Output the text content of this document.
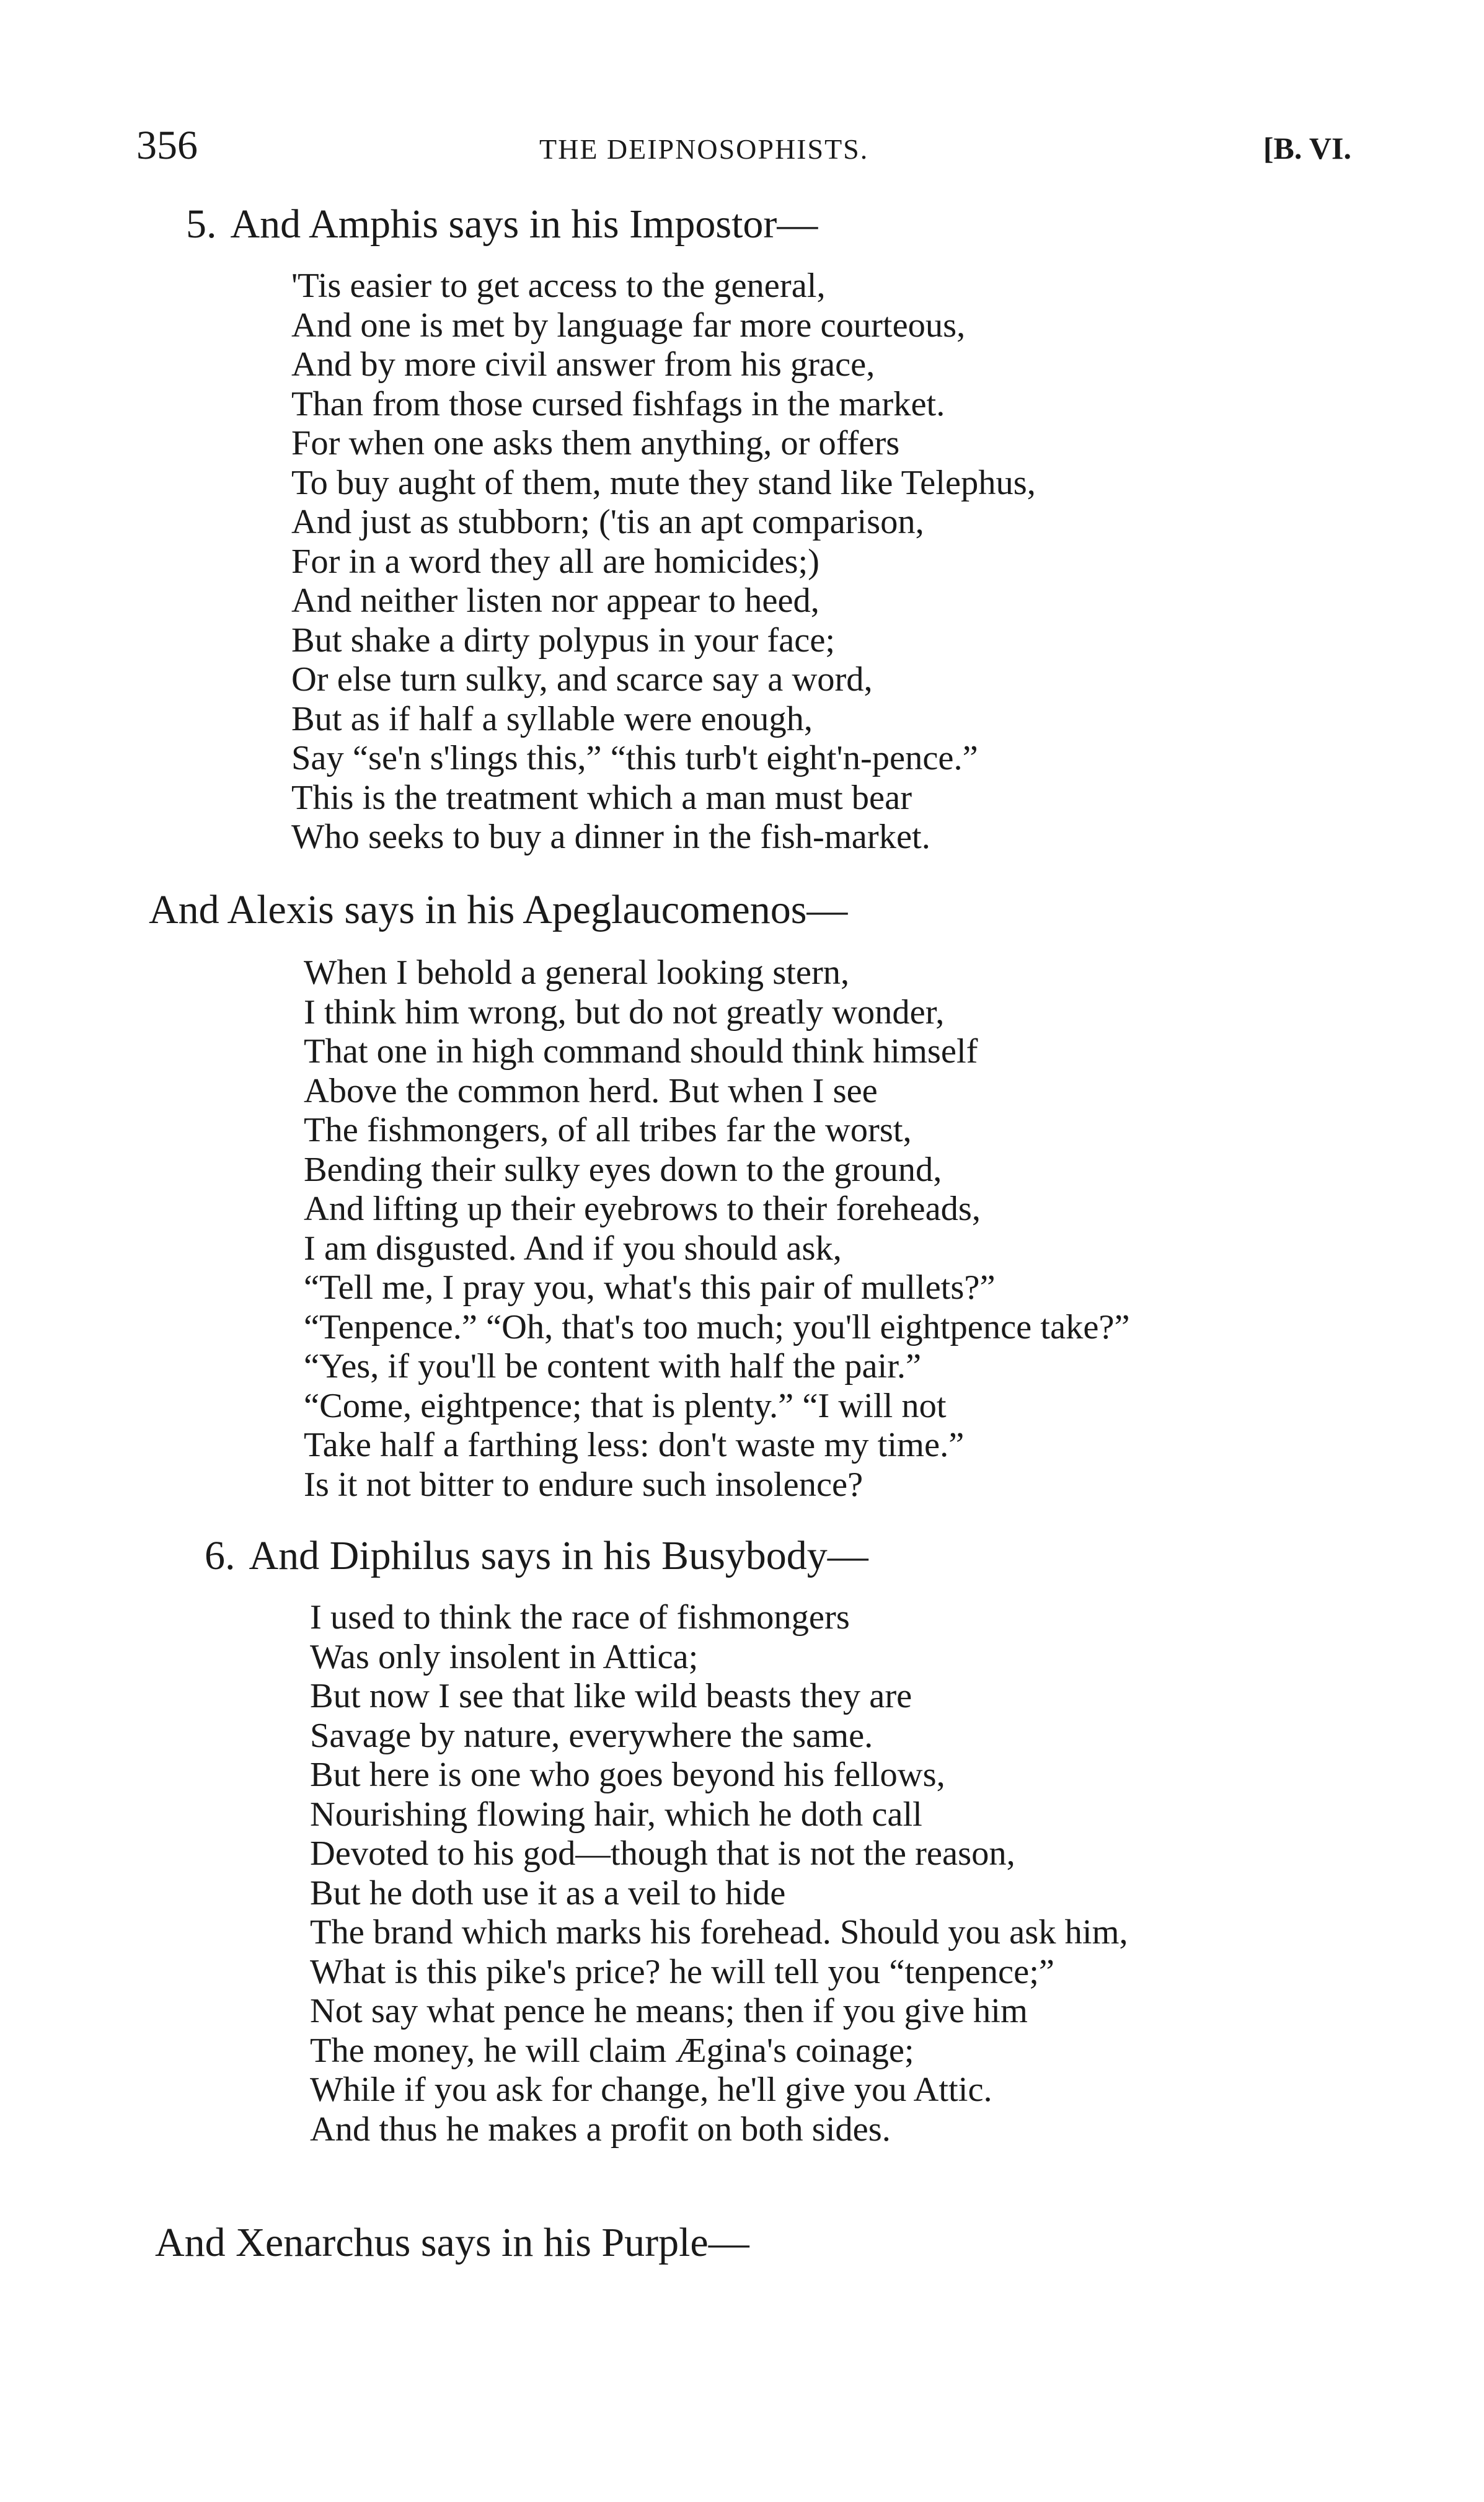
356	THE DEIPNOSOPHISTS.	[B. VI.
5. And Amphis says in his Impostor—
'Tis easier to get access to the general,
And one is met by language far more courteous,
And by more civil answer from his grace,
Than from those cursed fishfags in the market.
For when one asks them anything, or offers
To buy aught of them, mute they stand like Telephus,
And just as stubborn; ('tis an apt comparison,
For in a word they all are homicides;)
And neither listen nor appear to heed,
But shake a dirty polypus in your face;
Or else turn sulky, and scarce say a word,
But as if half a syllable were enough,
Say “se'n s'lings this,” “this turb't eight'n-pence.”
This is the treatment which a man must bear
Who seeks to buy a dinner in the fish-market.
And Alexis says in his Apeglaucomenos—
When I behold a general looking stern,
I think him wrong, but do not greatly wonder,
That one in high command should think himself
Above the common herd. But when I see
The fishmongers, of all tribes far the worst,
Bending their sulky eyes down to the ground,
And lifting up their eyebrows to their foreheads,
I am disgusted. And if you should ask,
“Tell me, I pray you, what's this pair of mullets?”
“Tenpence.” “Oh, that's too much; you'll eightpence take?”
“Yes, if you'll be content with half the pair.”
“Come, eightpence; that is plenty.” “I will not
Take half a farthing less: don't waste my time.”
Is it not bitter to endure such insolence?
6. And Diphilus says in his Busybody—
I used to think the race of fishmongers
Was only insolent in Attica;
But now I see that like wild beasts they are
Savage by nature, everywhere the same.
But here is one who goes beyond his fellows,
Nourishing flowing hair, which he doth call
Devoted to his god—though that is not the reason,
But he doth use it as a veil to hide
The brand which marks his forehead. Should you ask him,
What is this pike's price? he will tell you “tenpence;”
Not say what pence he means; then if you give him
The money, he will claim Ægina's coinage;
While if you ask for change, he'll give you Attic.
And thus he makes a profit on both sides.
And Xenarchus says in his Purple—
